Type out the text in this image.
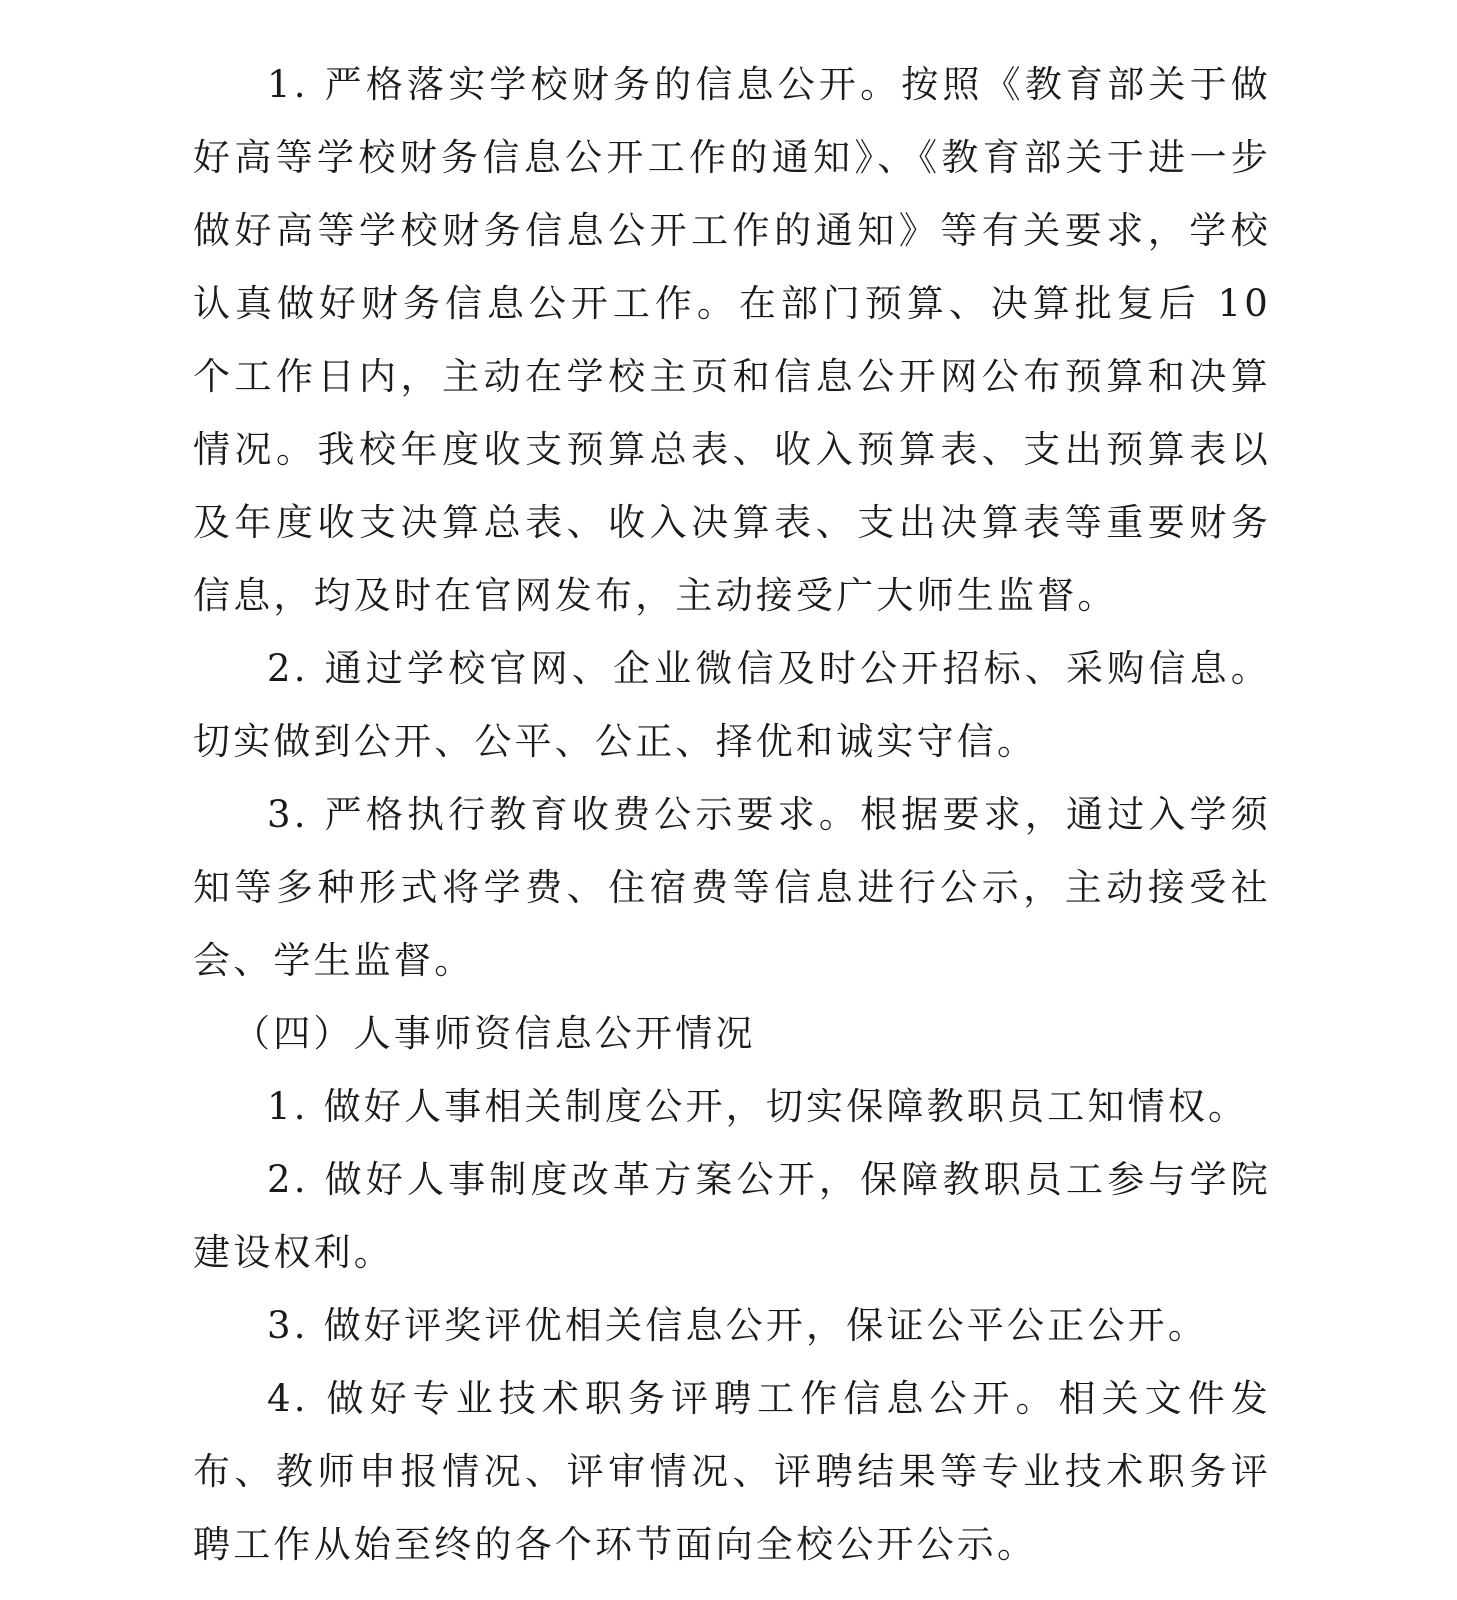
1. 严格落实学校财务的信息公开。按照《教育部关于做好高等学校财务信息公开工作的通知》、《教育部关于进一步做好高等学校财务信息公开工作的通知》等有关要求，学校认真做好财务信息公开工作。在部门预算、决算批复后 10 个工作日内，主动在学校主页和信息公开网公布预算和决算情况。我校年度收支预算总表、收入预算表、支出预算表以及年度收支决算总表、收入决算表、支出决算表等重要财务信息，均及时在官网发布，主动接受广大师生监督。

2. 通过学校官网、企业微信及时公开招标、采购信息。切实做到公开、公平、公正、择优和诚实守信。

3. 严格执行教育收费公示要求。根据要求，通过入学须知等多种形式将学费、住宿费等信息进行公示，主动接受社会、学生监督。

（四）人事师资信息公开情况

1. 做好人事相关制度公开，切实保障教职员工知情权。

2. 做好人事制度改革方案公开，保障教职员工参与学院建设权利。

3. 做好评奖评优相关信息公开，保证公平公正公开。

4. 做好专业技术职务评聘工作信息公开。相关文件发布、教师申报情况、评审情况、评聘结果等专业技术职务评聘工作从始至终的各个环节面向全校公开公示。
